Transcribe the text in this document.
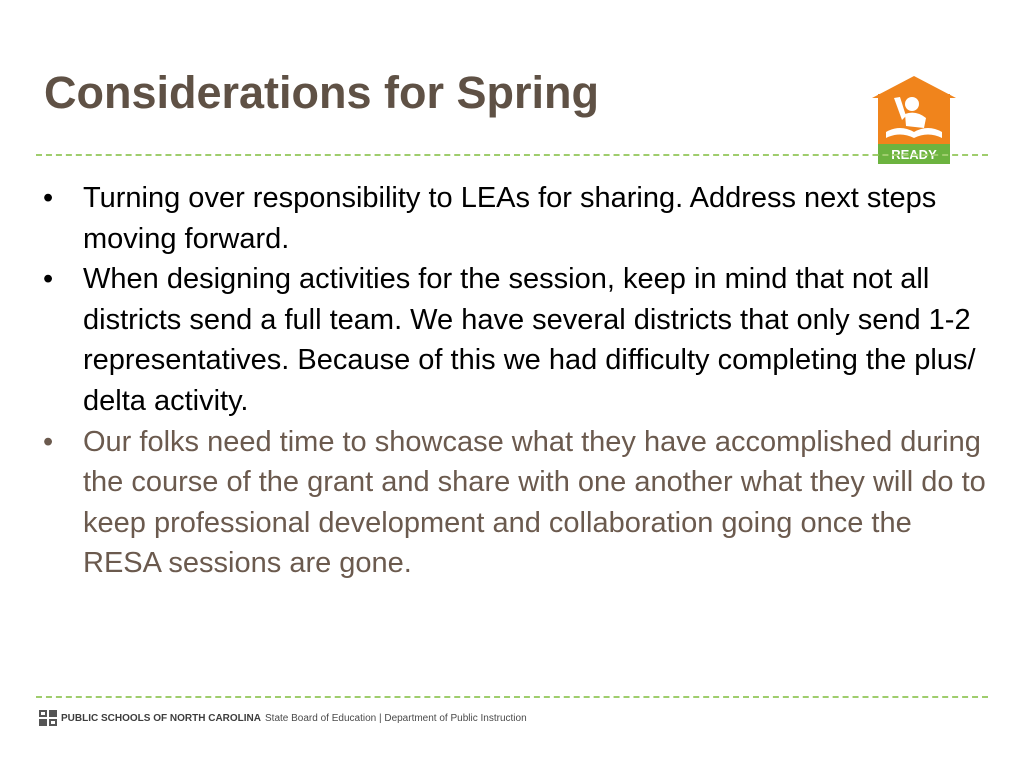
Considerations for Spring
READY
• Turning over responsibility to LEAs for sharing. Address next steps moving forward.
• When designing activities for the session, keep in mind that not all districts send a full team. We have several districts that only send 1-2 representatives. Because of this we had difficulty completing the plus/ delta activity.
• Our folks need time to showcase what they have accomplished during the course of the grant and share with one another what they will do to keep professional development and collaboration going once the RESA sessions are gone.
PUBLIC SCHOOLS OF NORTH CAROLINA State Board of Education | Department of Public Instruction
